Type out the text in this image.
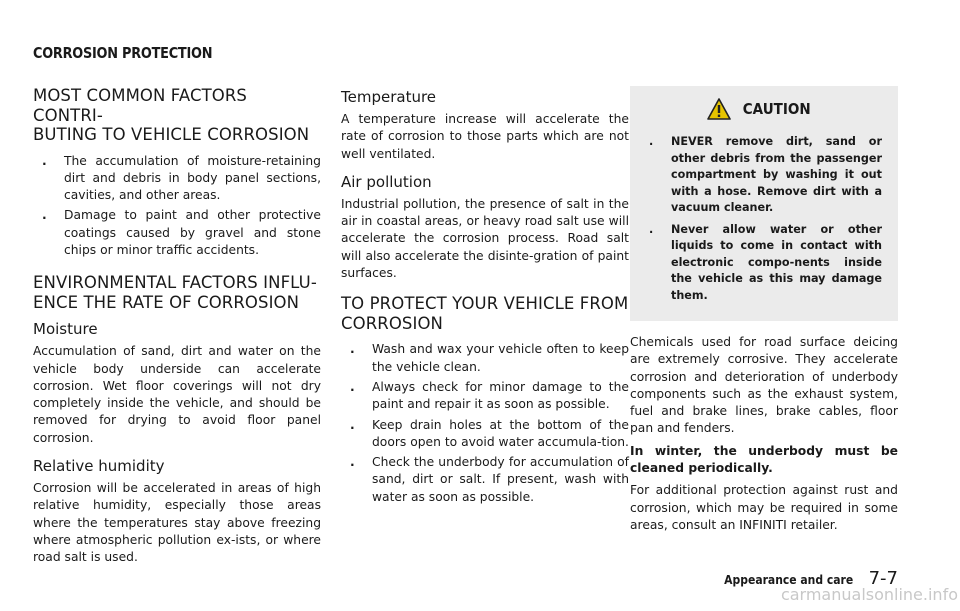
CORROSION PROTECTION
MOST COMMON FACTORS CONTRI-
BUTING TO VEHICLE CORROSION
. The accumulation of moisture-retaining dirt and debris in body panel sections, cavities, and other areas.
. Damage to paint and other protective coatings caused by gravel and stone chips or minor traffic accidents.
ENVIRONMENTAL FACTORS INFLU-
ENCE THE RATE OF CORROSION
Moisture

Accumulation of sand, dirt and water on the vehicle body underside can accelerate corrosion. Wet floor coverings will not dry completely inside the vehicle, and should be removed for drying to avoid floor panel corrosion.

Relative humidity

Corrosion will be accelerated in areas of high relative humidity, especially those areas where the temperatures stay above freezing where atmospheric pollution ex-ists, or where road salt is used.

Temperature

A temperature increase will accelerate the rate of corrosion to those parts which are not well ventilated.

Air pollution

Industrial pollution, the presence of salt in the air in coastal areas, or heavy road salt use will accelerate the corrosion process. Road salt will also accelerate the disinte-gration of paint surfaces.

TO PROTECT YOUR VEHICLE FROM
CORROSION
. Wash and wax your vehicle often to keep the vehicle clean.
. Always check for minor damage to the paint and repair it as soon as possible.
. Keep drain holes at the bottom of the doors open to avoid water accumula-tion.
. Check the underbody for accumulation of sand, dirt or salt. If present, wash with water as soon as possible.
CAUTION
. NEVER remove dirt, sand or other debris from the passenger compartment by washing it out with a hose. Remove dirt with a vacuum cleaner.
. Never allow water or other liquids to come in contact with electronic compo-nents inside the vehicle as this may damage them.

Chemicals used for road surface deicing are extremely corrosive. They accelerate corrosion and deterioration of underbody components such as the exhaust system, fuel and brake lines, brake cables, floor pan and fenders.

In winter, the underbody must be cleaned periodically.

For additional protection against rust and corrosion, which may be required in some areas, consult an INFINITI retailer.

Appearance and care 7-7
carmanualsonline.info
